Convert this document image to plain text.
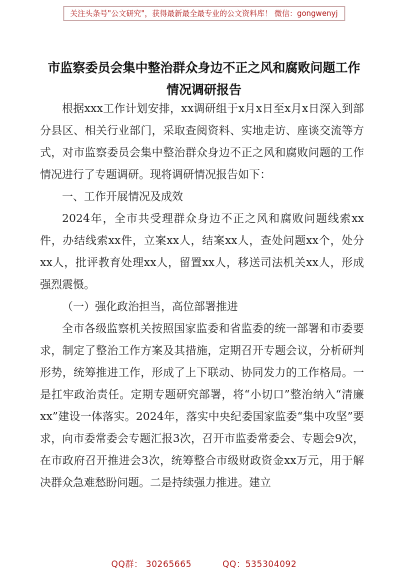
关注头条号"公文研究"，获得最新最全最专业的公文资料库！ 微信：gongwenyj
市监察委员会集中整治群众身边不正之风和腐败问题工作
情况调研报告

根据xxx工作计划安排，xx调研组于x月x日至x月x日深入到部分县区、相关行业部门，采取查阅资料、实地走访、座谈交流等方式，对市监察委员会集中整治群众身边不正之风和腐败问题的工作情况进行了专题调研。现将调研情况报告如下：

一、工作开展情况及成效

2024年，全市共受理群众身边不正之风和腐败问题线索xx件，办结线索xx件，立案xx人，结案xx人，查处问题xx个，处分xx人，批评教育处理xx人，留置xx人，移送司法机关xx人，形成强烈震慑。

（一）强化政治担当，高位部署推进

全市各级监察机关按照国家监委和省监委的统一部署和市委要求，制定了整治工作方案及其措施，定期召开专题会议，分析研判形势，统筹推进工作，形成了上下联动、协同发力的工作格局。一是扛牢政治责任。定期专题研究部署，将“小切口”整治纳入“清廉xx”建设一体落实。2024年，落实中央纪委国家监委“集中攻坚”要求，向市委常委会专题汇报3次，召开市监委常委会、专题会9次，在市政府召开推进会3次，统筹整合市级财政资金xx万元，用于解决群众急难愁盼问题。二是持续强力推进。建立

QQ群： 30265665	QQ：535304092
